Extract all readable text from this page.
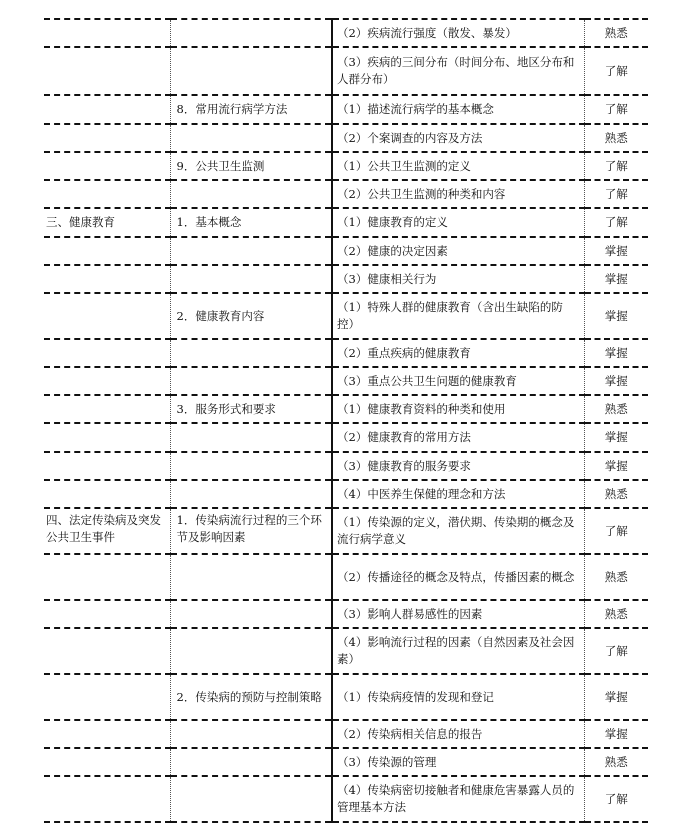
		（2）疾病流行强度（散发、暴发）	熟悉
		（3）疾病的三间分布（时间分布、地区分布和人群分布）	了解
	8．常用流行病学方法	（1）描述流行病学的基本概念	了解
		（2）个案调查的内容及方法	熟悉
	9．公共卫生监测	（1）公共卫生监测的定义	了解
		（2）公共卫生监测的种类和内容	了解
三、健康教育	1．基本概念	（1）健康教育的定义	了解
		（2）健康的决定因素	掌握
		（3）健康相关行为	掌握
	2．健康教育内容	（1）特殊人群的健康教育（含出生缺陷的防控）	掌握
		（2）重点疾病的健康教育	掌握
		（3）重点公共卫生问题的健康教育	掌握
	3．服务形式和要求	（1）健康教育资料的种类和使用	熟悉
		（2）健康教育的常用方法	掌握
		（3）健康教育的服务要求	掌握
		（4）中医养生保健的理念和方法	熟悉
四、法定传染病及突发公共卫生事件	1．传染病流行过程的三个环节及影响因素	（1）传染源的定义，潜伏期、传染期的概念及流行病学意义	了解
		（2）传播途径的概念及特点，传播因素的概念	熟悉
		（3）影响人群易感性的因素	熟悉
		（4）影响流行过程的因素（自然因素及社会因素）	了解
	2．传染病的预防与控制策略	（1）传染病疫情的发现和登记	掌握
		（2）传染病相关信息的报告	掌握
		（3）传染源的管理	熟悉
		（4）传染病密切接触者和健康危害暴露人员的管理基本方法	了解
